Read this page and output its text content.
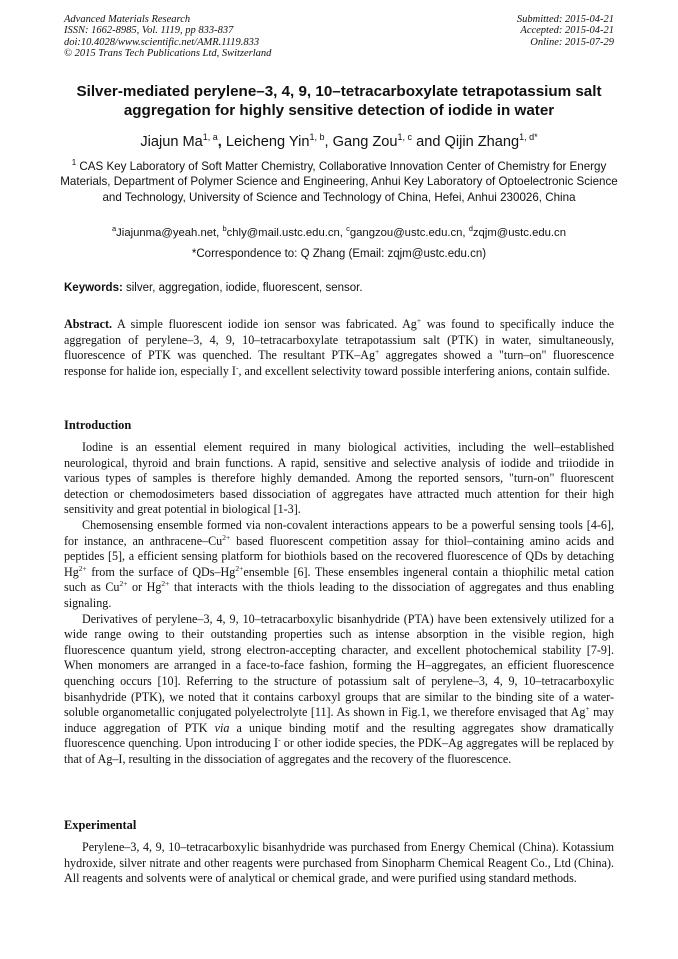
Advanced Materials Research
ISSN: 1662-8985, Vol. 1119, pp 833-837
doi:10.4028/www.scientific.net/AMR.1119.833
© 2015 Trans Tech Publications Ltd, Switzerland
Submitted: 2015-04-21
Accepted: 2015-04-21
Online: 2015-07-29
Silver-mediated perylene–3, 4, 9, 10–tetracarboxylate tetrapotassium salt
aggregation for highly sensitive detection of iodide in water
Jiajun Ma$^{1, a}$, Leicheng Yin$^{1, b}$, Gang Zou$^{1, c}$ and Qijin Zhang$^{1, d*}$
$^1$ CAS Key Laboratory of Soft Matter Chemistry, Collaborative Innovation Center of Chemistry for Energy Materials, Department of Polymer Science and Engineering, Anhui Key Laboratory of Optoelectronic Science and Technology, University of Science and Technology of China, Hefei, Anhui 230026, China
$^a$Jiajunma@yeah.net, $^b$chly@mail.ustc.edu.cn, $^c$gangzou@ustc.edu.cn, $^d$zqjm@ustc.edu.cn
*Correspondence to: Q Zhang (Email: zqjm@ustc.edu.cn)
Keywords: silver, aggregation, iodide, fluorescent, sensor.
Abstract. A simple fluorescent iodide ion sensor was fabricated. Ag+ was found to specifically induce the aggregation of perylene–3, 4, 9, 10–tetracarboxylate tetrapotassium salt (PTK) in water, simultaneously, fluorescence of PTK was quenched. The resultant PTK–Ag+ aggregates showed a "turn–on" fluorescence response for halide ion, especially I-, and excellent selectivity toward possible interfering anions, contain sulfide.
Introduction

Iodine is an essential element required in many biological activities, including the well–established neurological, thyroid and brain functions. A rapid, sensitive and selective analysis of iodide and triiodide in various types of samples is therefore highly demanded. Among the reported sensors, "turn-on" fluorescent detection or chemodosimeters based dissociation of aggregates have attracted much attention for their high sensitivity and great potential in biological [1-3].

Chemosensing ensemble formed via non-covalent interactions appears to be a powerful sensing tools [4-6], for instance, an anthracene–$Cu^{2+}$ based fluorescent competition assay for thiol–containing amino acids and peptides [5], a efficient sensing platform for biothiols based on the recovered fluorescence of QDs by detaching $Hg^{2+}$ from the surface of QDs–$Hg^{2+}ensemble$ [6]. These ensembles ingeneral contain a thiophilic metal cation such as $Cu^{2+}$ or $Hg^{2+}$ that interacts with the thiols leading to the dissociation of aggregates and thus enabling signaling.

Derivatives of perylene–3, 4, 9, 10–tetracarboxylic bisanhydride (PTA) have been extensively utilized for a wide range owing to their outstanding properties such as intense absorption in the visible region, high fluorescence quantum yield, strong electron-accepting character, and excellent photochemical stability [7-9]. When monomers are arranged in a face-to-face fashion, forming the H–aggregates, an efficient fluorescence quenching occurs [10]. Referring to the structure of potassium salt of perylene–3, 4, 9, 10–tetracarboxylic bisanhydride (PTK), we noted that it contains carboxyl groups that are similar to the binding site of a water-soluble organometallic conjugated polyelectrolyte [11]. As shown in Fig.1, we therefore envisaged that Ag+ may induce aggregation of PTK via a unique binding motif and the resulting aggregates show dramatically fluorescence quenching. Upon introducing I- or other iodide species, the PDK–Ag aggregates will be replaced by that of Ag–I, resulting in the dissociation of aggregates and the recovery of the fluorescence.

Experimental

Perylene–3, 4, 9, 10–tetracarboxylic bisanhydride was purchased from Energy Chemical (China). Kotassium hydroxide, silver nitrate and other reagents were purchased from Sinopharm Chemical Reagent Co., Ltd (China). All reagents and solvents were of analytical or chemical grade, and were purified using standard methods.
